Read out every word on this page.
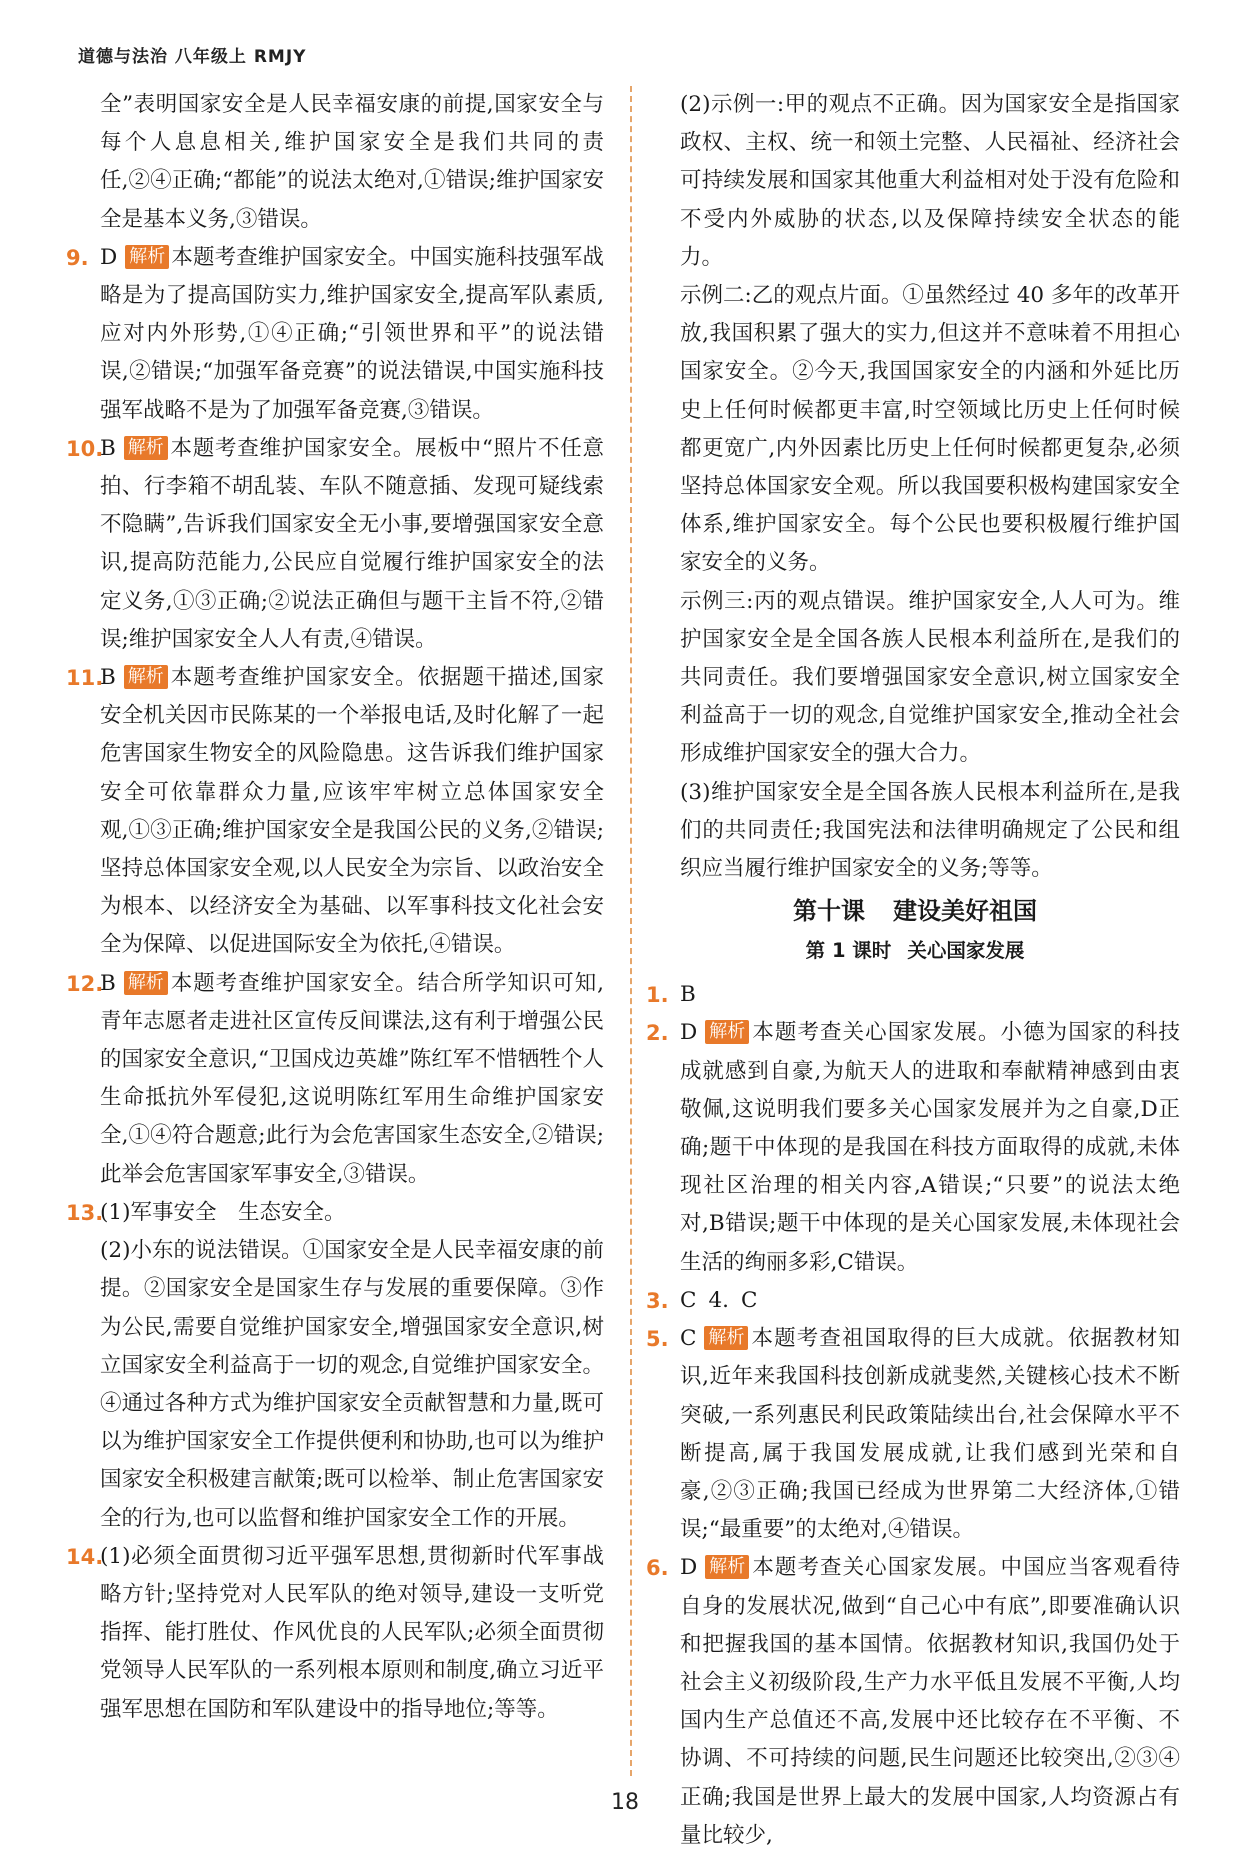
道德与法治 八年级上 RMJY

全”表明国家安全是人民幸福安康的前提,国家安全与每个人息息相关,维护国家安全是我们共同的责任,②④正确;“都能”的说法太绝对,①错误;维护国家安全是基本义务,③错误。

9. D 解析 本题考查维护国家安全。中国实施科技强军战略是为了提高国防实力,维护国家安全,提高军队素质,应对内外形势,①④正确;“引领世界和平”的说法错误,②错误;“加强军备竞赛”的说法错误,中国实施科技强军战略不是为了加强军备竞赛,③错误。
10.
B 解析 本题考查维护国家安全。展板中“照片不任意拍、行李箱不胡乱装、车队不随意插、发现可疑线索不隐瞒”,告诉我们国家安全无小事,要增强国家安全意识,提高防范能力,公民应自觉履行维护国家安全的法定义务,①③正确;②说法正确但与题干主旨不符,②错误;维护国家安全人人有责,④错误。
11.
B 解析 本题考查维护国家安全。依据题干描述,国家安全机关因市民陈某的一个举报电话,及时化解了一起危害国家生物安全的风险隐患。这告诉我们维护国家安全可依靠群众力量,应该牢牢树立总体国家安全观,①③正确;维护国家安全是我国公民的义务,②错误;坚持总体国家安全观,以人民安全为宗旨、以政治安全为根本、以经济安全为基础、以军事科技文化社会安全为保障、以促进国际安全为依托,④错误。
12.
B 解析 本题考查维护国家安全。结合所学知识可知,青年志愿者走进社区宣传反间谍法,这有利于增强公民的国家安全意识,“卫国戍边英雄”陈红军不惜牺牲个人生命抵抗外军侵犯,这说明陈红军用生命维护国家安全,①④符合题意;此行为会危害国家生态安全,②错误;此举会危害国家军事安全,③错误。
13.
(1)军事安全　生态安全。
(2)小东的说法错误。①国家安全是人民幸福安康的前提。②国家安全是国家生存与发展的重要保障。③作为公民,需要自觉维护国家安全,增强国家安全意识,树立国家安全利益高于一切的观念,自觉维护国家安全。④通过各种方式为维护国家安全贡献智慧和力量,既可以为维护国家安全工作提供便利和协助,也可以为维护国家安全积极建言献策;既可以检举、制止危害国家安全的行为,也可以监督和维护国家安全工作的开展。
14.
(1)必须全面贯彻习近平强军思想,贯彻新时代军事战略方针;坚持党对人民军队的绝对领导,建设一支听党指挥、能打胜仗、作风优良的人民军队;必须全面贯彻党领导人民军队的一系列根本原则和制度,确立习近平强军思想在国防和军队建设中的指导地位;等等。

(2)示例一:甲的观点不正确。因为国家安全是指国家政权、主权、统一和领土完整、人民福祉、经济社会可持续发展和国家其他重大利益相对处于没有危险和不受内外威胁的状态,以及保障持续安全状态的能力。

示例二:乙的观点片面。①虽然经过 40 多年的改革开放,我国积累了强大的实力,但这并不意味着不用担心国家安全。②今天,我国国家安全的内涵和外延比历史上任何时候都更丰富,时空领域比历史上任何时候都更宽广,内外因素比历史上任何时候都更复杂,必须坚持总体国家安全观。所以我国要积极构建国家安全体系,维护国家安全。每个公民也要积极履行维护国家安全的义务。

示例三:丙的观点错误。维护国家安全,人人可为。维护国家安全是全国各族人民根本利益所在,是我们的共同责任。我们要增强国家安全意识,树立国家安全利益高于一切的观念,自觉维护国家安全,推动全社会形成维护国家安全的强大合力。

(3)维护国家安全是全国各族人民根本利益所在,是我们的共同责任;我国宪法和法律明确规定了公民和组织应当履行维护国家安全的义务;等等。

第十课 建设美好祖国
第 1 课时 关心国家发展
1. B
2. D 解析 本题考查关心国家发展。小德为国家的科技成就感到自豪,为航天人的进取和奉献精神感到由衷敬佩,这说明我们要多关心国家发展并为之自豪,D正确;题干中体现的是我国在科技方面取得的成就,未体现社区治理的相关内容,A错误;“只要”的说法太绝对,B错误;题干中体现的是关心国家发展,未体现社会生活的绚丽多彩,C错误。
3. C 4. C
5. C 解析 本题考查祖国取得的巨大成就。依据教材知识,近年来我国科技创新成就斐然,关键核心技术不断突破,一系列惠民利民政策陆续出台,社会保障水平不断提高,属于我国发展成就,让我们感到光荣和自豪,②③正确;我国已经成为世界第二大经济体,①错误;“最重要”的太绝对,④错误。
6. D 解析 本题考查关心国家发展。中国应当客观看待自身的发展状况,做到“自己心中有底”,即要准确认识和把握我国的基本国情。依据教材知识,我国仍处于社会主义初级阶段,生产力水平低且发展不平衡,人均国内生产总值还不高,发展中还比较存在不平衡、不协调、不可持续的问题,民生问题还比较突出,②③④正确;我国是世界上最大的发展中国家,人均资源占有量比较少,
18
